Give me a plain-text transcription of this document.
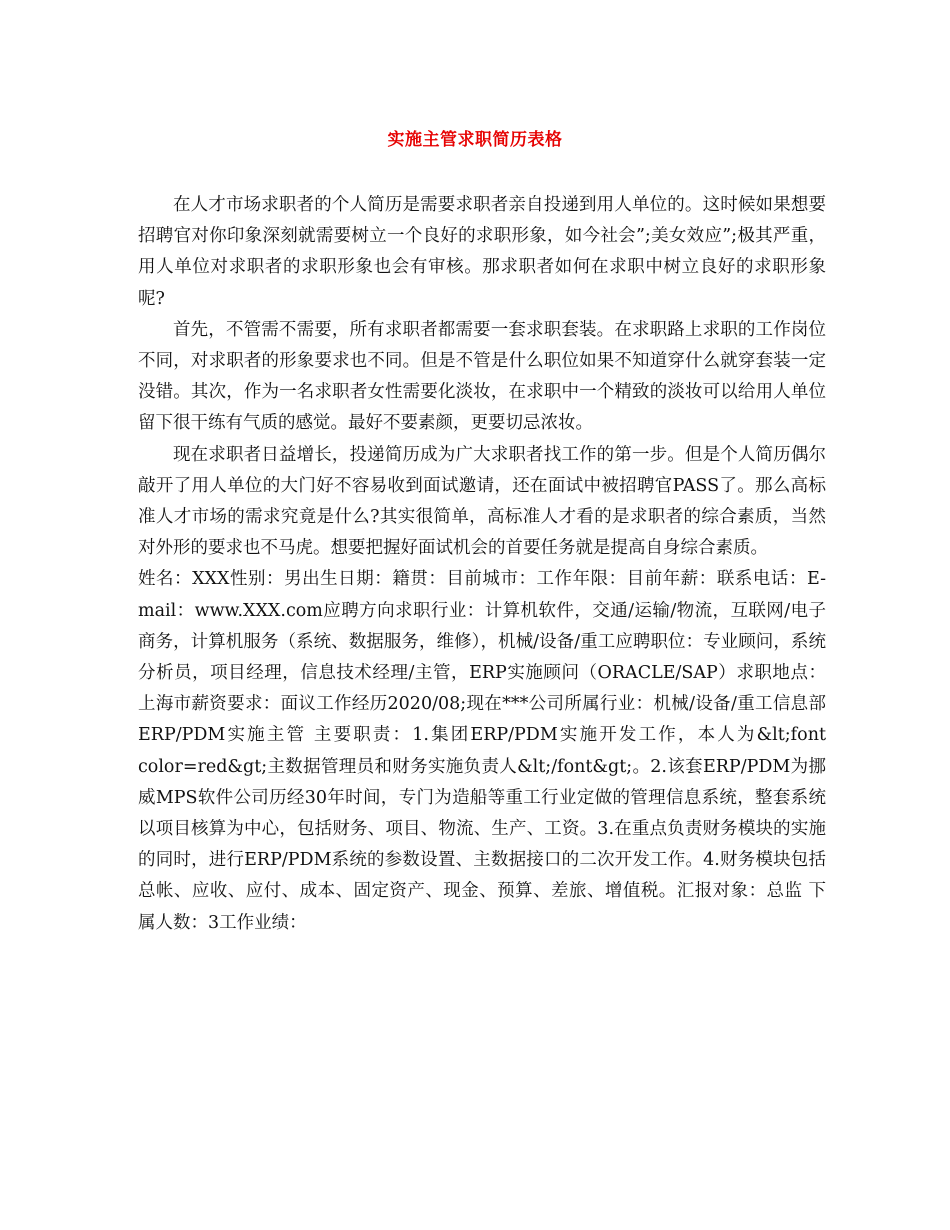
实施主管求职简历表格

在人才市场求职者的个人简历是需要求职者亲自投递到用人单位的。这时候如果想要招聘官对你印象深刻就需要树立一个良好的求职形象，如今社会”;美女效应”;极其严重，用人单位对求职者的求职形象也会有审核。那求职者如何在求职中树立良好的求职形象呢?

首先，不管需不需要，所有求职者都需要一套求职套装。在求职路上求职的工作岗位不同，对求职者的形象要求也不同。但是不管是什么职位如果不知道穿什么就穿套装一定没错。其次，作为一名求职者女性需要化淡妆，在求职中一个精致的淡妆可以给用人单位留下很干练有气质的感觉。最好不要素颜，更要切忌浓妆。

现在求职者日益增长，投递简历成为广大求职者找工作的第一步。但是个人简历偶尔敲开了用人单位的大门好不容易收到面试邀请，还在面试中被招聘官PASS了。那么高标准人才市场的需求究竟是什么?其实很简单，高标准人才看的是求职者的综合素质，当然对外形的要求也不马虎。想要把握好面试机会的首要任务就是提高自身综合素质。

姓名：XXX性别：男出生日期：籍贯：目前城市：工作年限：目前年薪：联系电话：E-mail：www.XXX.com应聘方向求职行业：计算机软件，交通/运输/物流，互联网/电子商务，计算机服务（系统、数据服务，维修），机械/设备/重工应聘职位：专业顾问，系统分析员，项目经理，信息技术经理/主管，ERP实施顾问（ORACLE/SAP）求职地点：上海市薪资要求：面议工作经历2020/08;现在***公司所属行业：机械/设备/重工信息部 ERP/PDM实施主管 主要职责：1.集团ERP/PDM实施开发工作，本人为&lt;font color=red&gt;主数据管理员和财务实施负责人&lt;/font&gt;。2.该套ERP/PDM为挪威MPS软件公司历经30年时间，专门为造船等重工行业定做的管理信息系统，整套系统以项目核算为中心，包括财务、项目、物流、生产、工资。3.在重点负责财务模块的实施的同时，进行ERP/PDM系统的参数设置、主数据接口的二次开发工作。4.财务模块包括总帐、应收、应付、成本、固定资产、现金、预算、差旅、增值税。汇报对象：总监 下属人数：3工作业绩：
